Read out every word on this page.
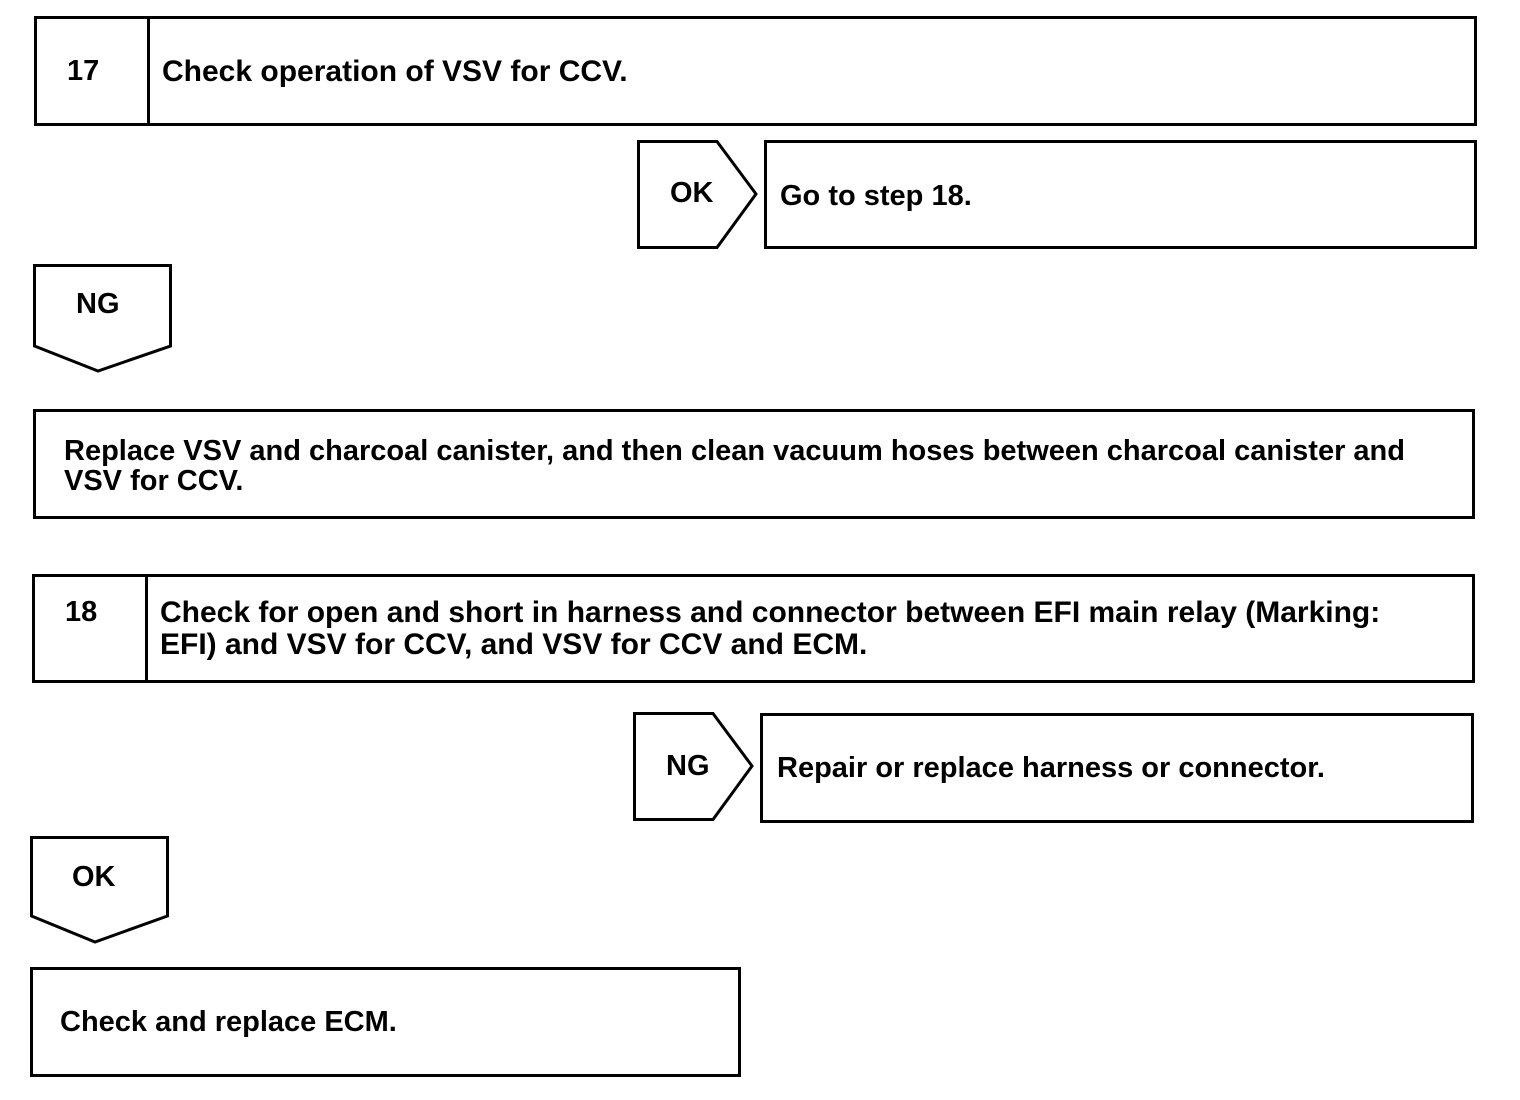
17	Check operation of VSV for CCV.
OK	Go to step 18.
NG
Replace VSV and charcoal canister, and then clean vacuum hoses between charcoal canister and VSV for CCV.
18	Check for open and short in harness and connector between EFI main relay (Marking: EFI) and VSV for CCV, and VSV for CCV and ECM.
NG	Repair or replace harness or connector.
OK
Check and replace ECM.
